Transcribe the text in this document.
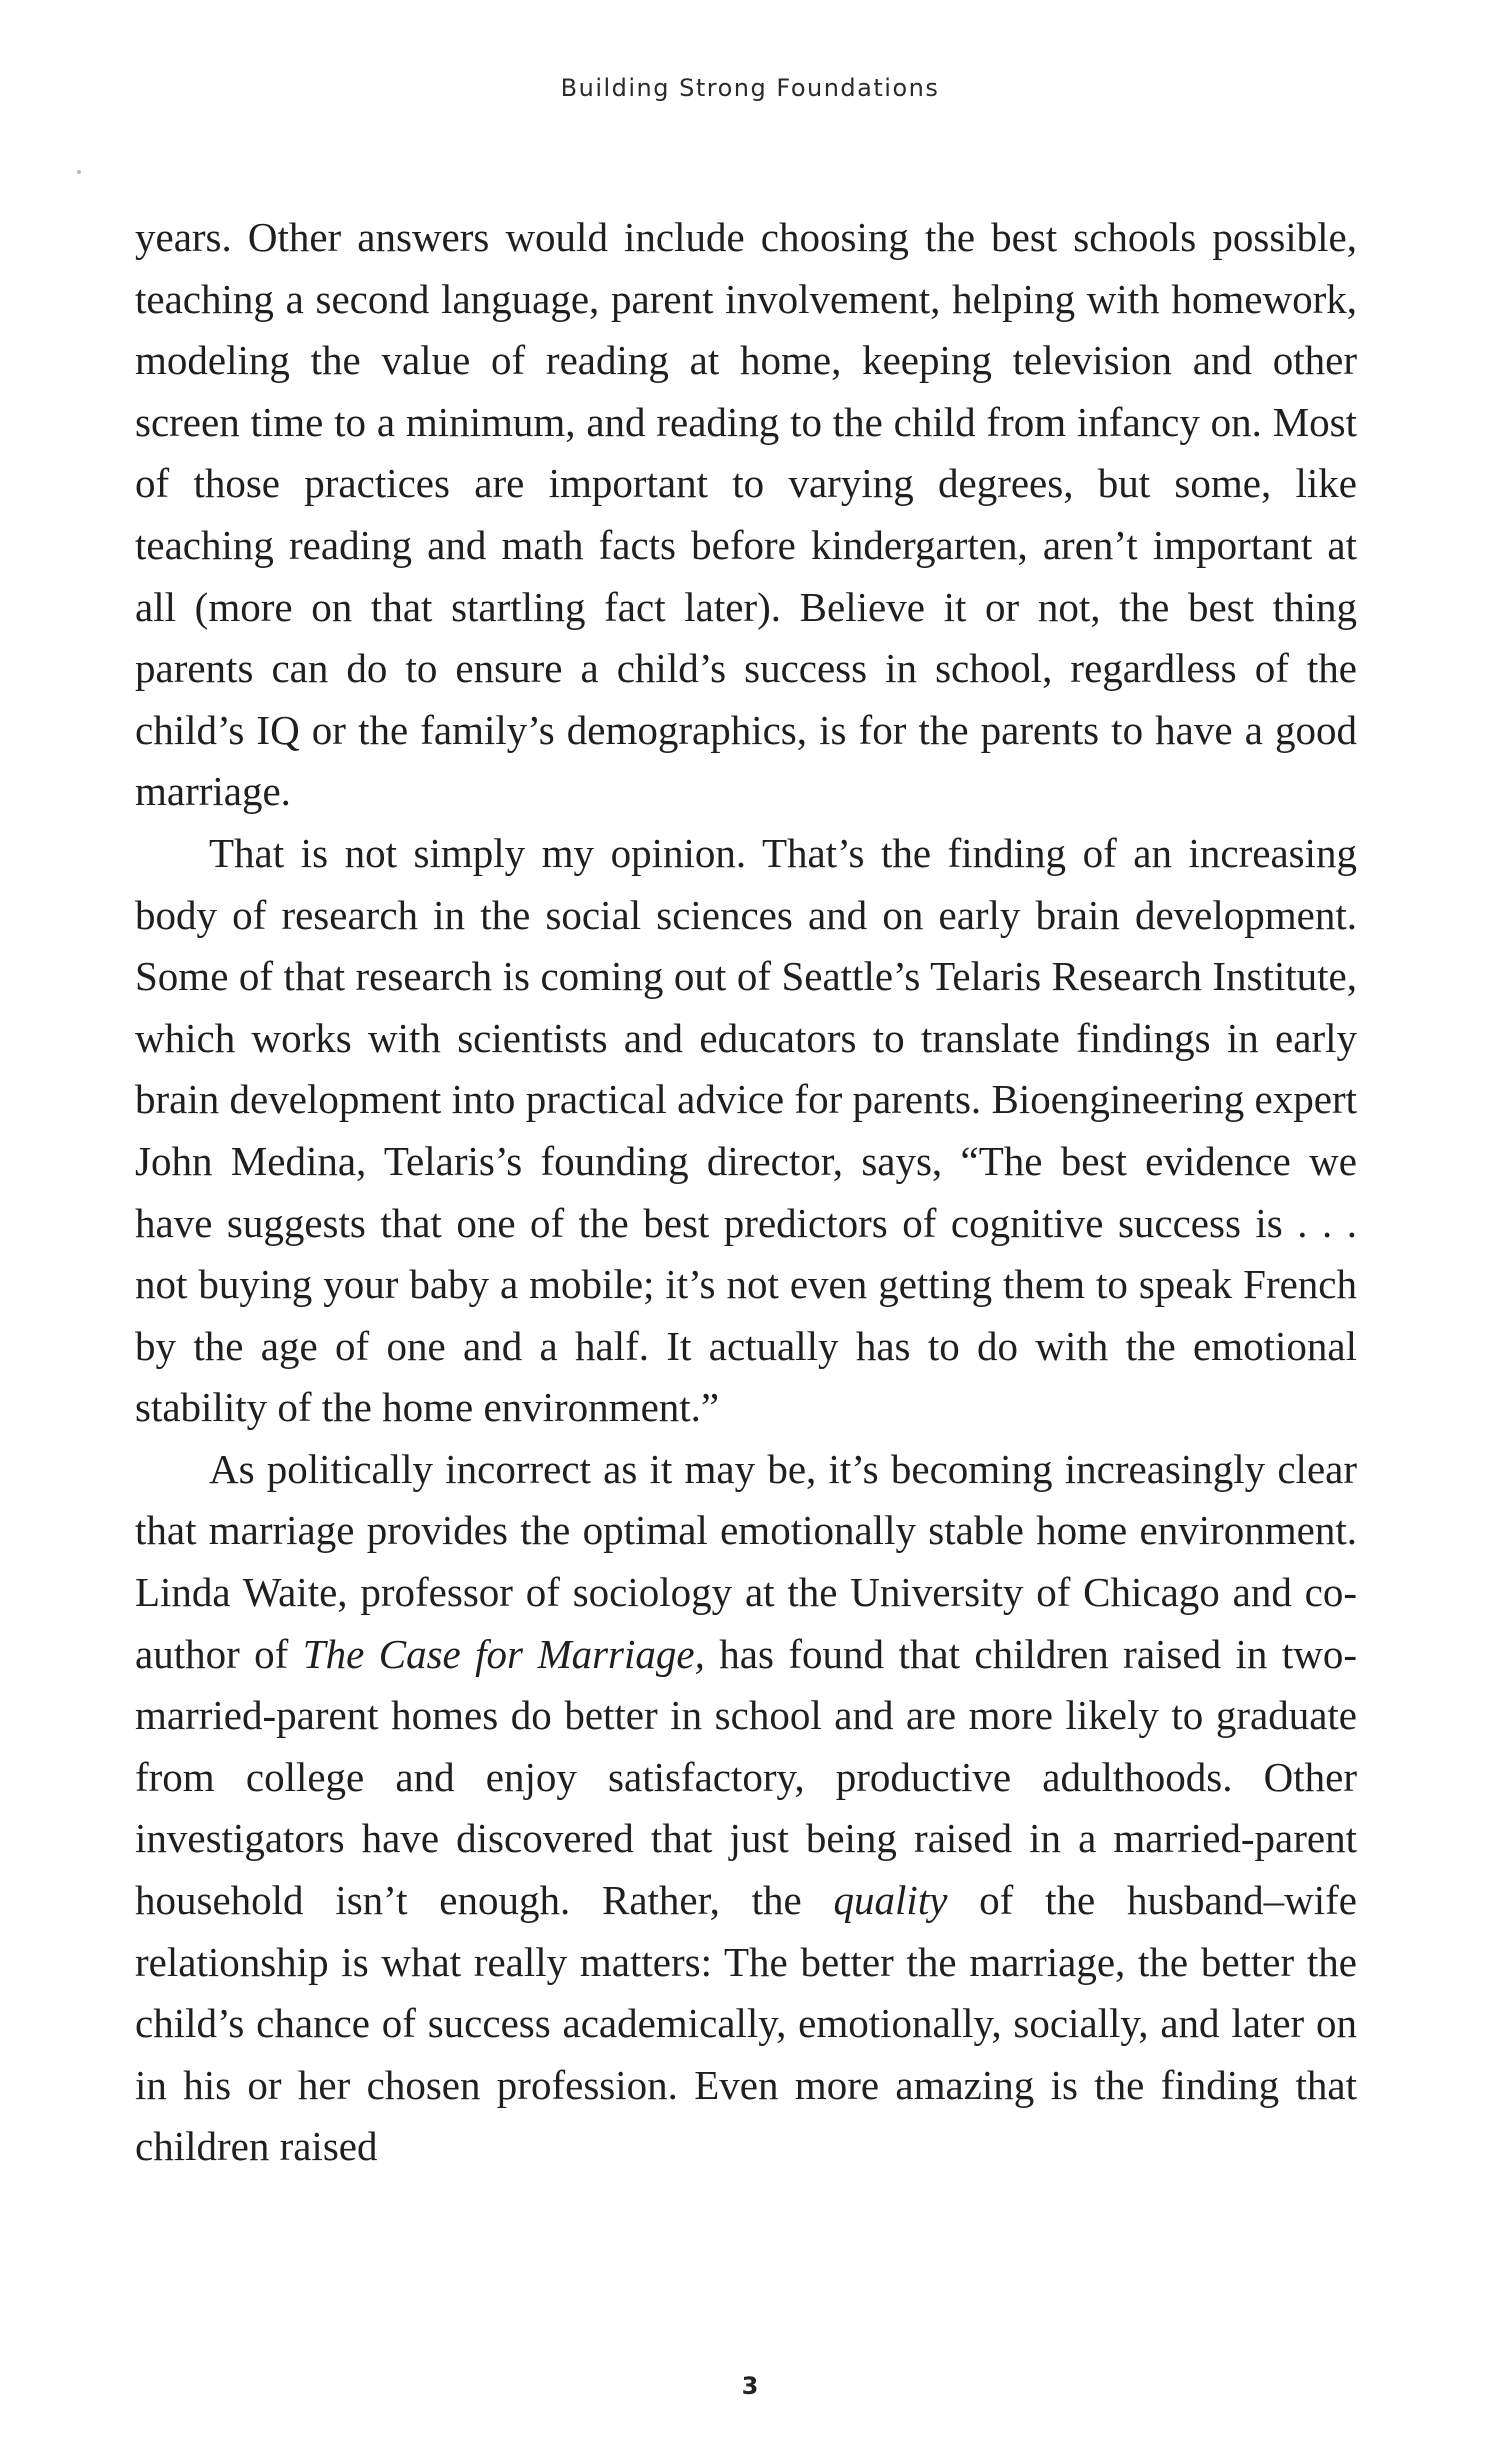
Building Strong Foundations

years. Other answers would include choosing the best schools possible, teaching a second language, parent involvement, helping with homework, modeling the value of reading at home, keeping television and other screen time to a minimum, and reading to the child from infancy on. Most of those practices are important to varying degrees, but some, like teaching reading and math facts before kindergarten, aren’t important at all (more on that startling fact later). Believe it or not, the best thing parents can do to ensure a child’s success in school, regardless of the child’s IQ or the family’s demographics, is for the parents to have a good marriage.

That is not simply my opinion. That’s the finding of an increasing body of research in the social sciences and on early brain development. Some of that research is coming out of Seattle’s Telaris Research Institute, which works with scientists and educators to translate findings in early brain development into practical advice for parents. Bioengineering expert John Medina, Telaris’s founding director, says, “The best evidence we have suggests that one of the best predictors of cognitive success is . . . not buying your baby a mobile; it’s not even getting them to speak French by the age of one and a half. It actually has to do with the emotional stability of the home environment.”

As politically incorrect as it may be, it’s becoming increasingly clear that marriage provides the optimal emotionally stable home environment. Linda Waite, professor of sociology at the University of Chicago and co-author of The Case for Marriage, has found that children raised in two-married-parent homes do better in school and are more likely to graduate from college and enjoy satisfactory, productive adulthoods. Other investigators have discovered that just being raised in a married-parent household isn’t enough. Rather, the quality of the husband–wife relationship is what really matters: The better the marriage, the better the child’s chance of success academically, emotionally, socially, and later on in his or her chosen profession. Even more amazing is the finding that children raised

3
